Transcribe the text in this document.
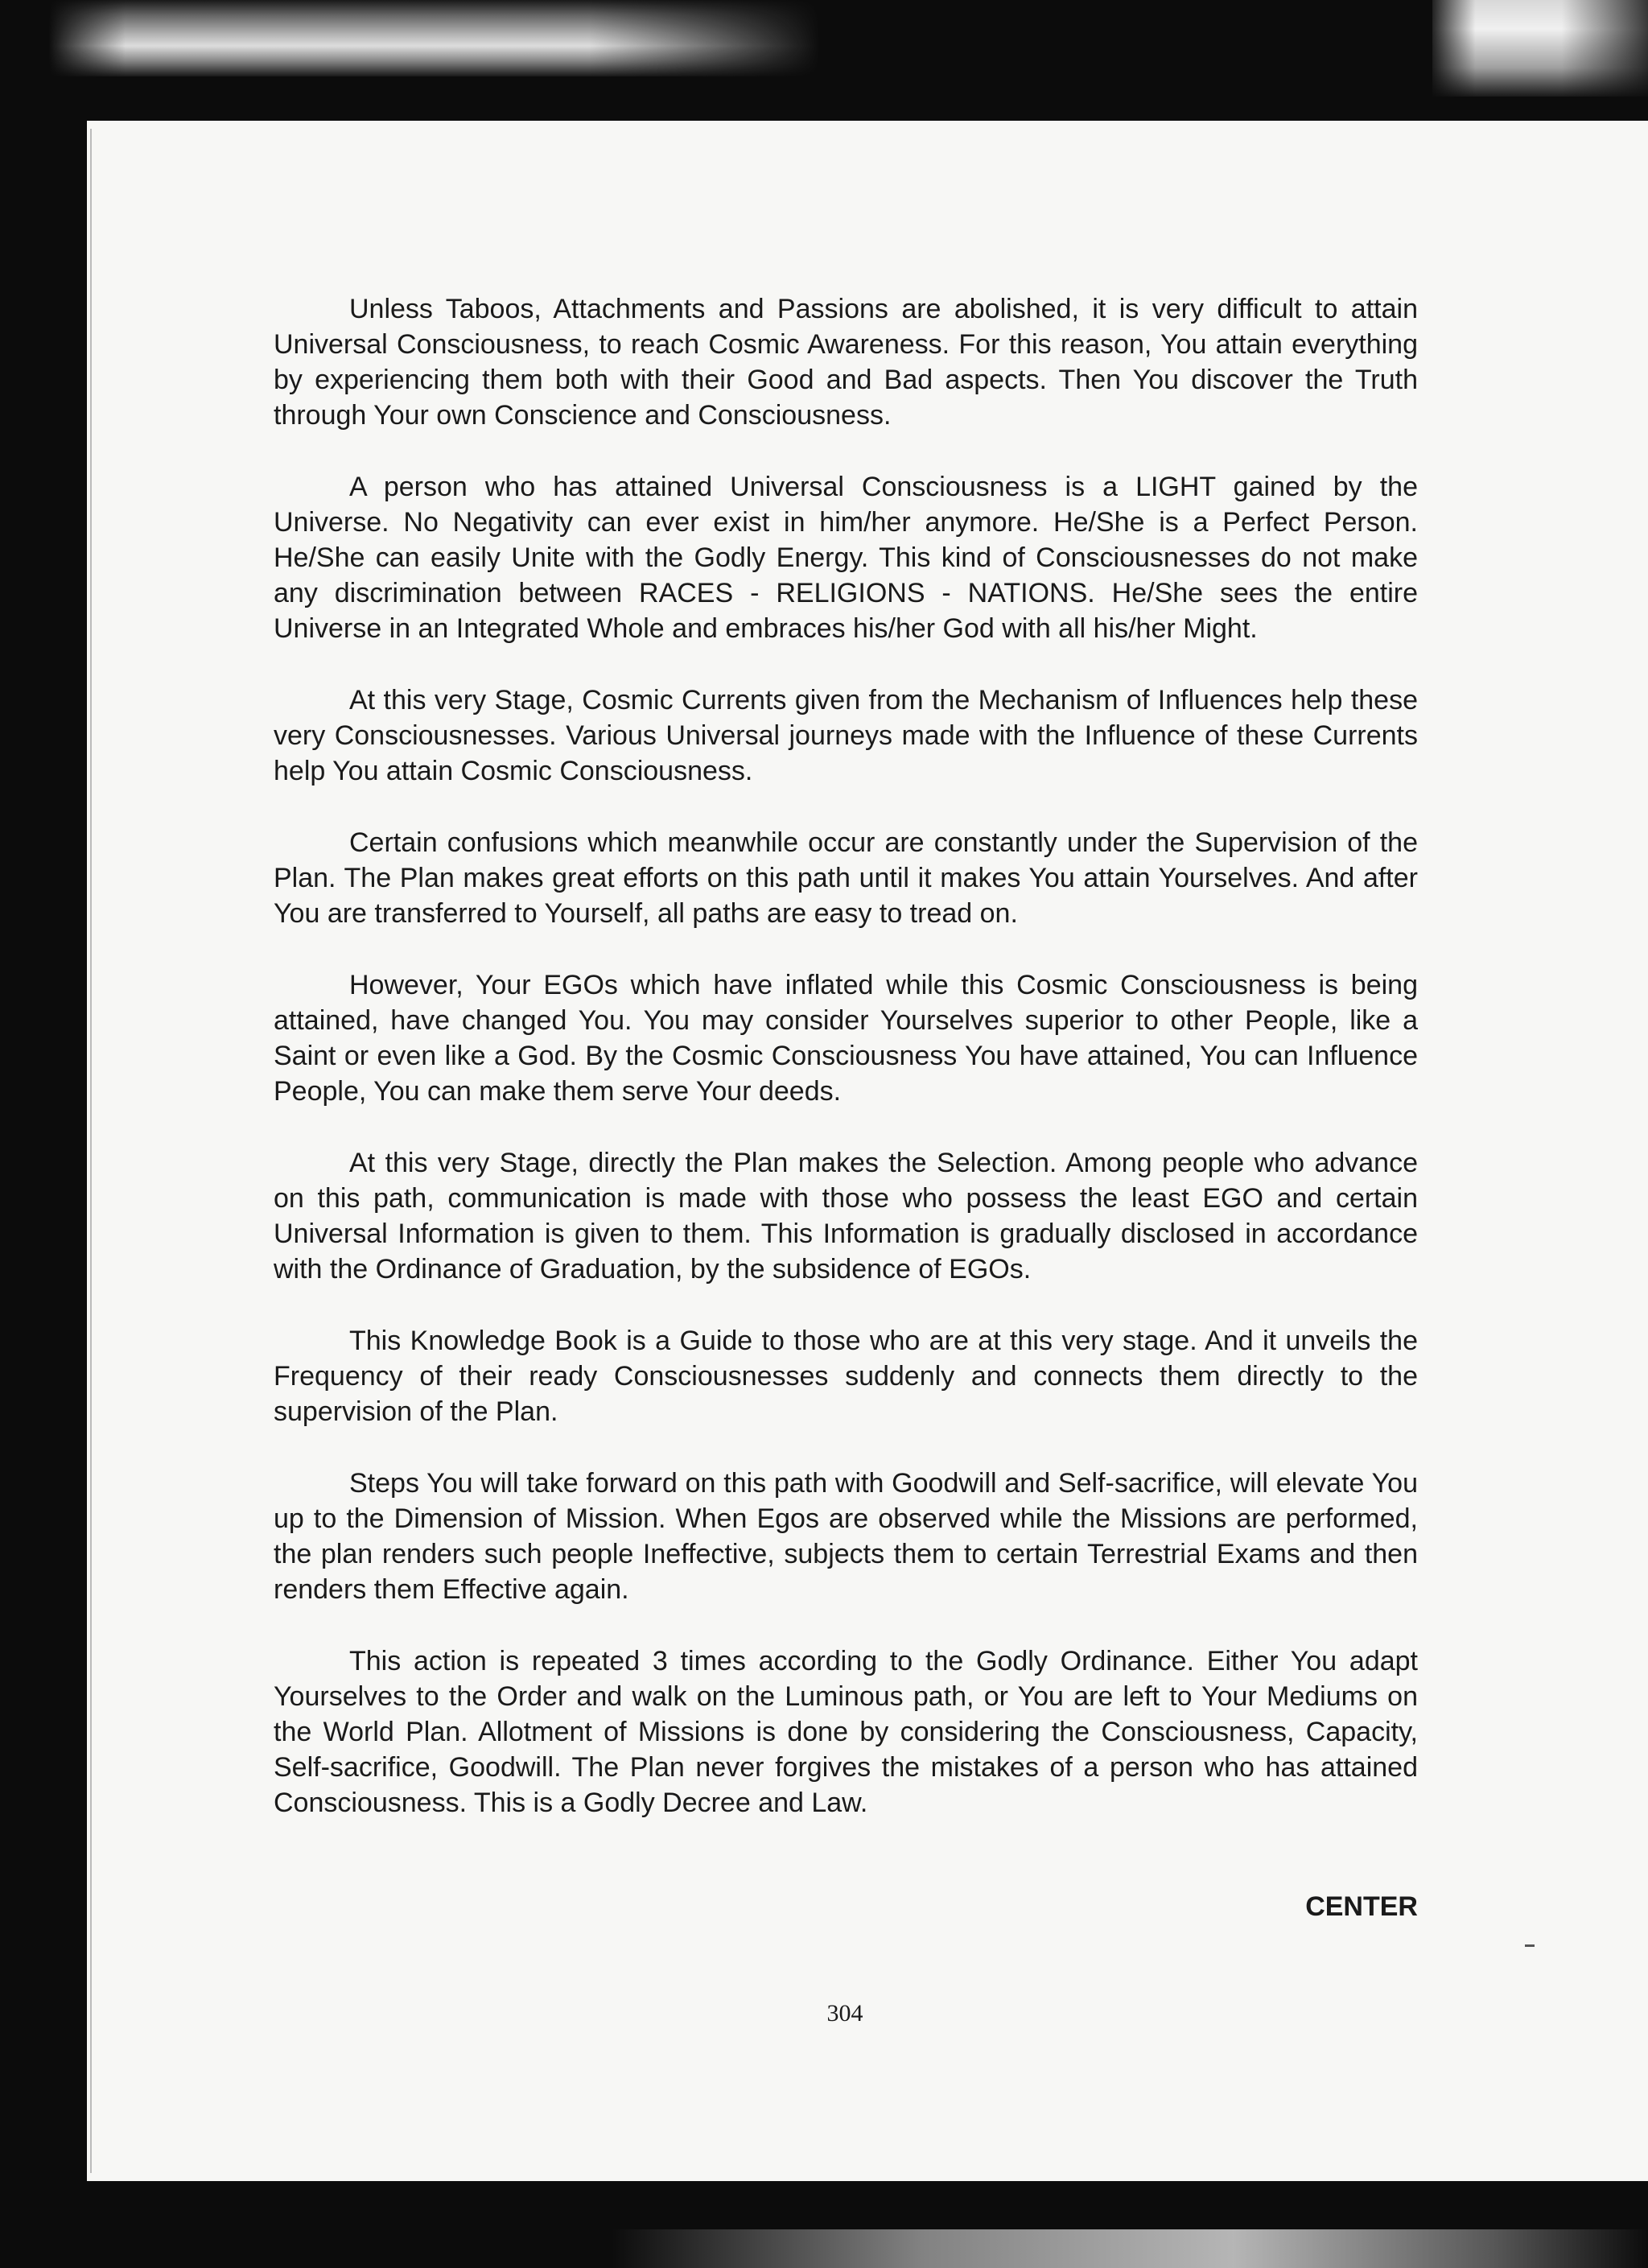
Unless Taboos, Attachments and Passions are abolished, it is very difficult to attain Universal Consciousness, to reach Cosmic Awareness. For this reason, You attain everything by experiencing them both with their Good and Bad aspects. Then You discover the Truth through Your own Conscience and Consciousness.

A person who has attained Universal Consciousness is a LIGHT gained by the Universe. No Negativity can ever exist in him/her anymore. He/She is a Perfect Person. He/She can easily Unite with the Godly Energy. This kind of Consciousnesses do not make any discrimination between RACES - RELIGIONS - NATIONS. He/She sees the entire Universe in an Integrated Whole and embraces his/her God with all his/her Might.

At this very Stage, Cosmic Currents given from the Mechanism of Influences help these very Consciousnesses. Various Universal journeys made with the Influence of these Currents help You attain Cosmic Consciousness.

Certain confusions which meanwhile occur are constantly under the Supervision of the Plan. The Plan makes great efforts on this path until it makes You attain Yourselves. And after You are transferred to Yourself, all paths are easy to tread on.

However, Your EGOs which have inflated while this Cosmic Consciousness is being attained, have changed You. You may consider Yourselves superior to other People, like a Saint or even like a God. By the Cosmic Consciousness You have attained, You can Influence People, You can make them serve Your deeds.

At this very Stage, directly the Plan makes the Selection. Among people who advance on this path, communication is made with those who possess the least EGO and certain Universal Information is given to them. This Information is gradually disclosed in accordance with the Ordinance of Graduation, by the subsidence of EGOs.

This Knowledge Book is a Guide to those who are at this very stage. And it unveils the Frequency of their ready Consciousnesses suddenly and connects them directly to the supervision of the Plan.

Steps You will take forward on this path with Goodwill and Self-sacrifice, will elevate You up to the Dimension of Mission. When Egos are observed while the Missions are performed, the plan renders such people Ineffective, subjects them to certain Terrestrial Exams and then renders them Effective again.

This action is repeated 3 times according to the Godly Ordinance. Either You adapt Yourselves to the Order and walk on the Luminous path, or You are left to Your Mediums on the World Plan. Allotment of Missions is done by considering the Consciousness, Capacity, Self-sacrifice, Goodwill. The Plan never forgives the mistakes of a person who has attained Consciousness. This is a Godly Decree and Law.

CENTER
304
